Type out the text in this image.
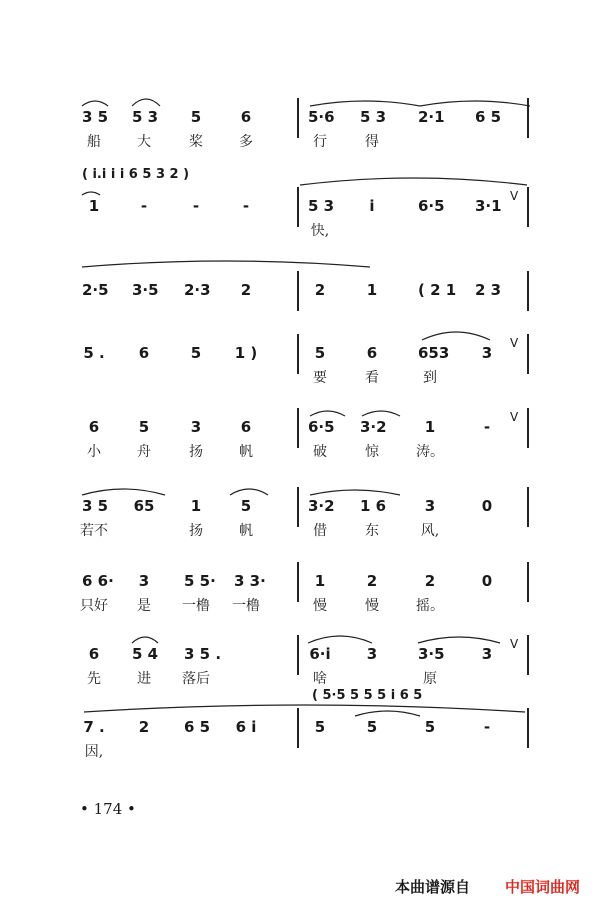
3 5 5 3	5	6	5·6 5 3 2·1 6 5
船	大	桨	多	行	得
( i.i i i 6 5 3 2 )
1	-	-	-	5 3	i	6·5 3·1
快,
V
2·5 3·5 2·3	2	2	1	( 2 1 2 3
5 .	6	5	1 )	5	6	653	3
要	看	到
V
6	5	3	6	6·5 3·2	1	-
小	舟	扬	帆	破	惊	涛。
V
3 5 65	1	5	3·2 1 6	3	0
若不	扬	帆	借	东	风,
6 6·	3	5 5· 3 3·	1	2	2	0
只好	是	一橹	一橹	慢	慢	摇。
6	5 4 3 5 .	6·i	3	3·5	3
先	进	落后	啥	原
V
( 5·5 5 5 5 i 6 5
7 .	2	6 5 6 i	5	5	5	-
因,
• 174 •
本曲谱源自 中国词曲网
